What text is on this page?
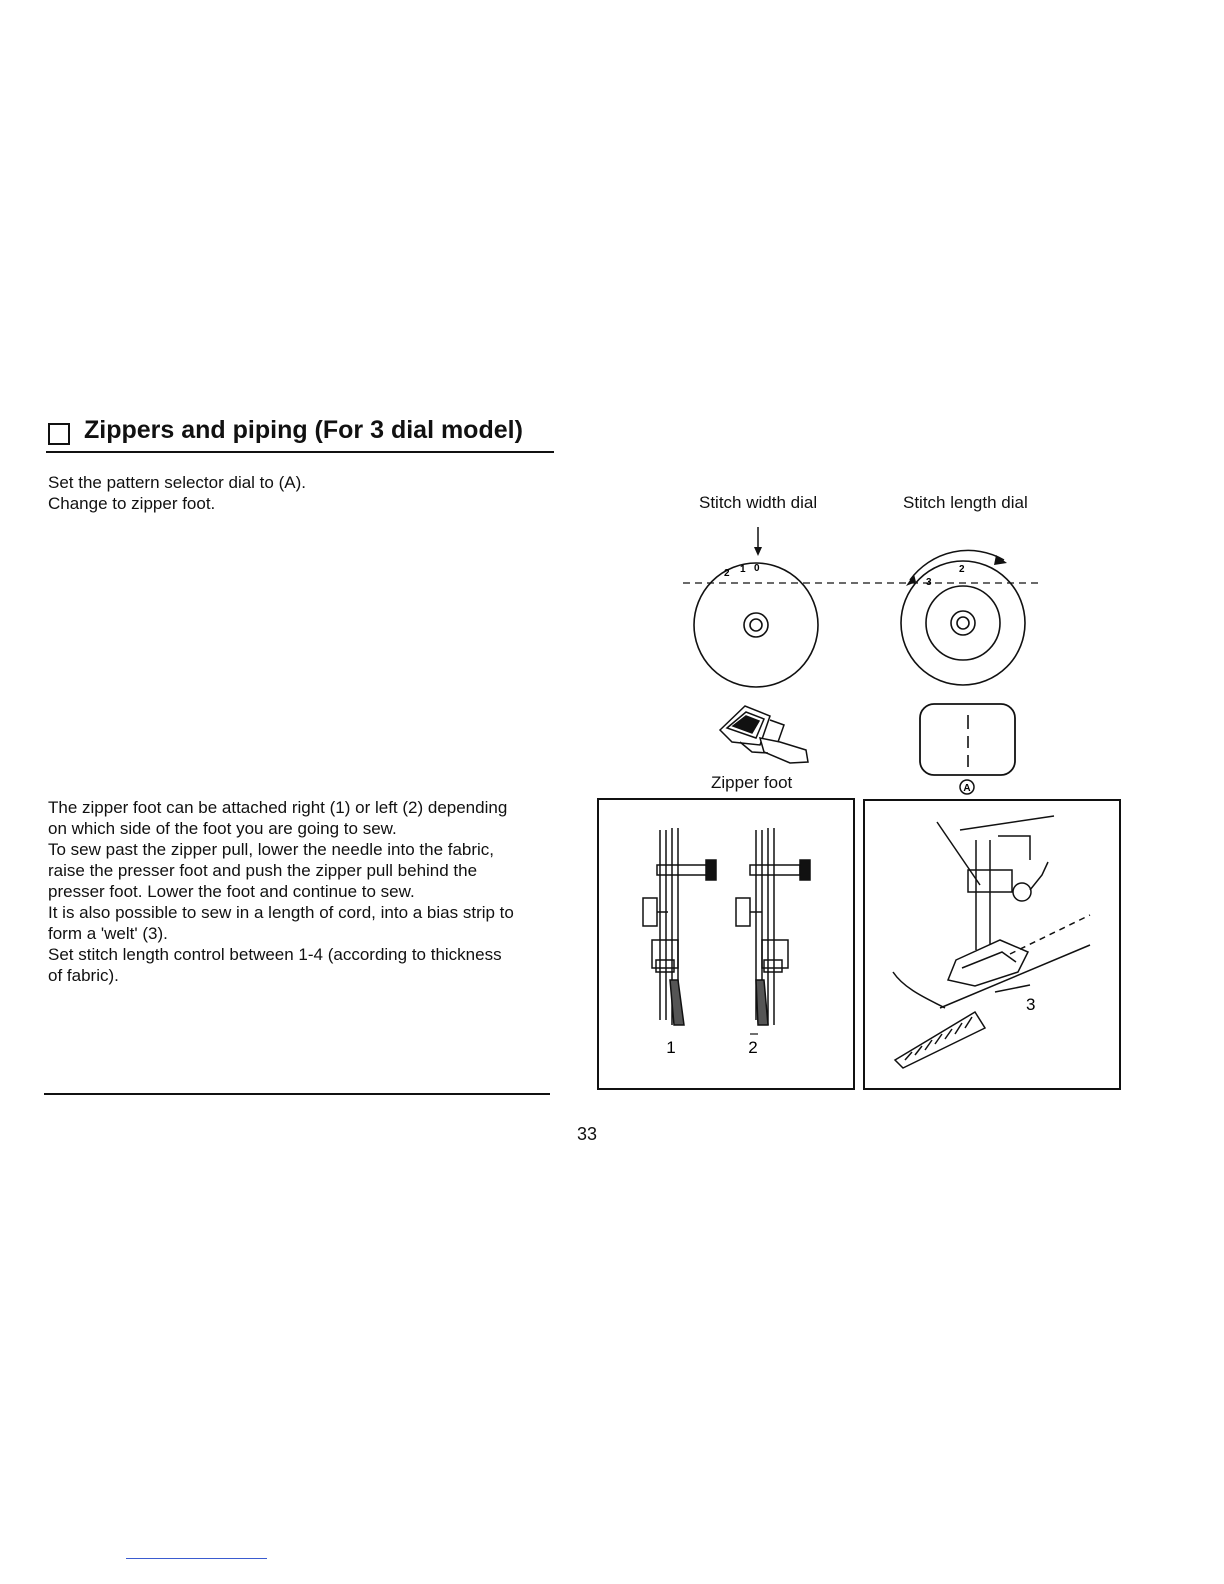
Zippers and piping (For 3 dial model)
Set the pattern selector dial to (A).
Change to zipper foot.
The zipper foot can be attached right (1) or left (2) depending
on which side of the foot you are going to sew.
To sew past the zipper pull, lower the needle into the fabric,
raise the presser foot and push the zipper pull behind the
presser foot. Lower the foot and continue to sew.
It is also possible to sew in a length of cord, into a bias strip to
form a 'welt' (3).
Set stitch length control between 1-4 (according to thickness
of fabric).
Stitch width dial	Stitch length dial
Zipper foot
2 1 0
3
2
A
1	2
3
33
